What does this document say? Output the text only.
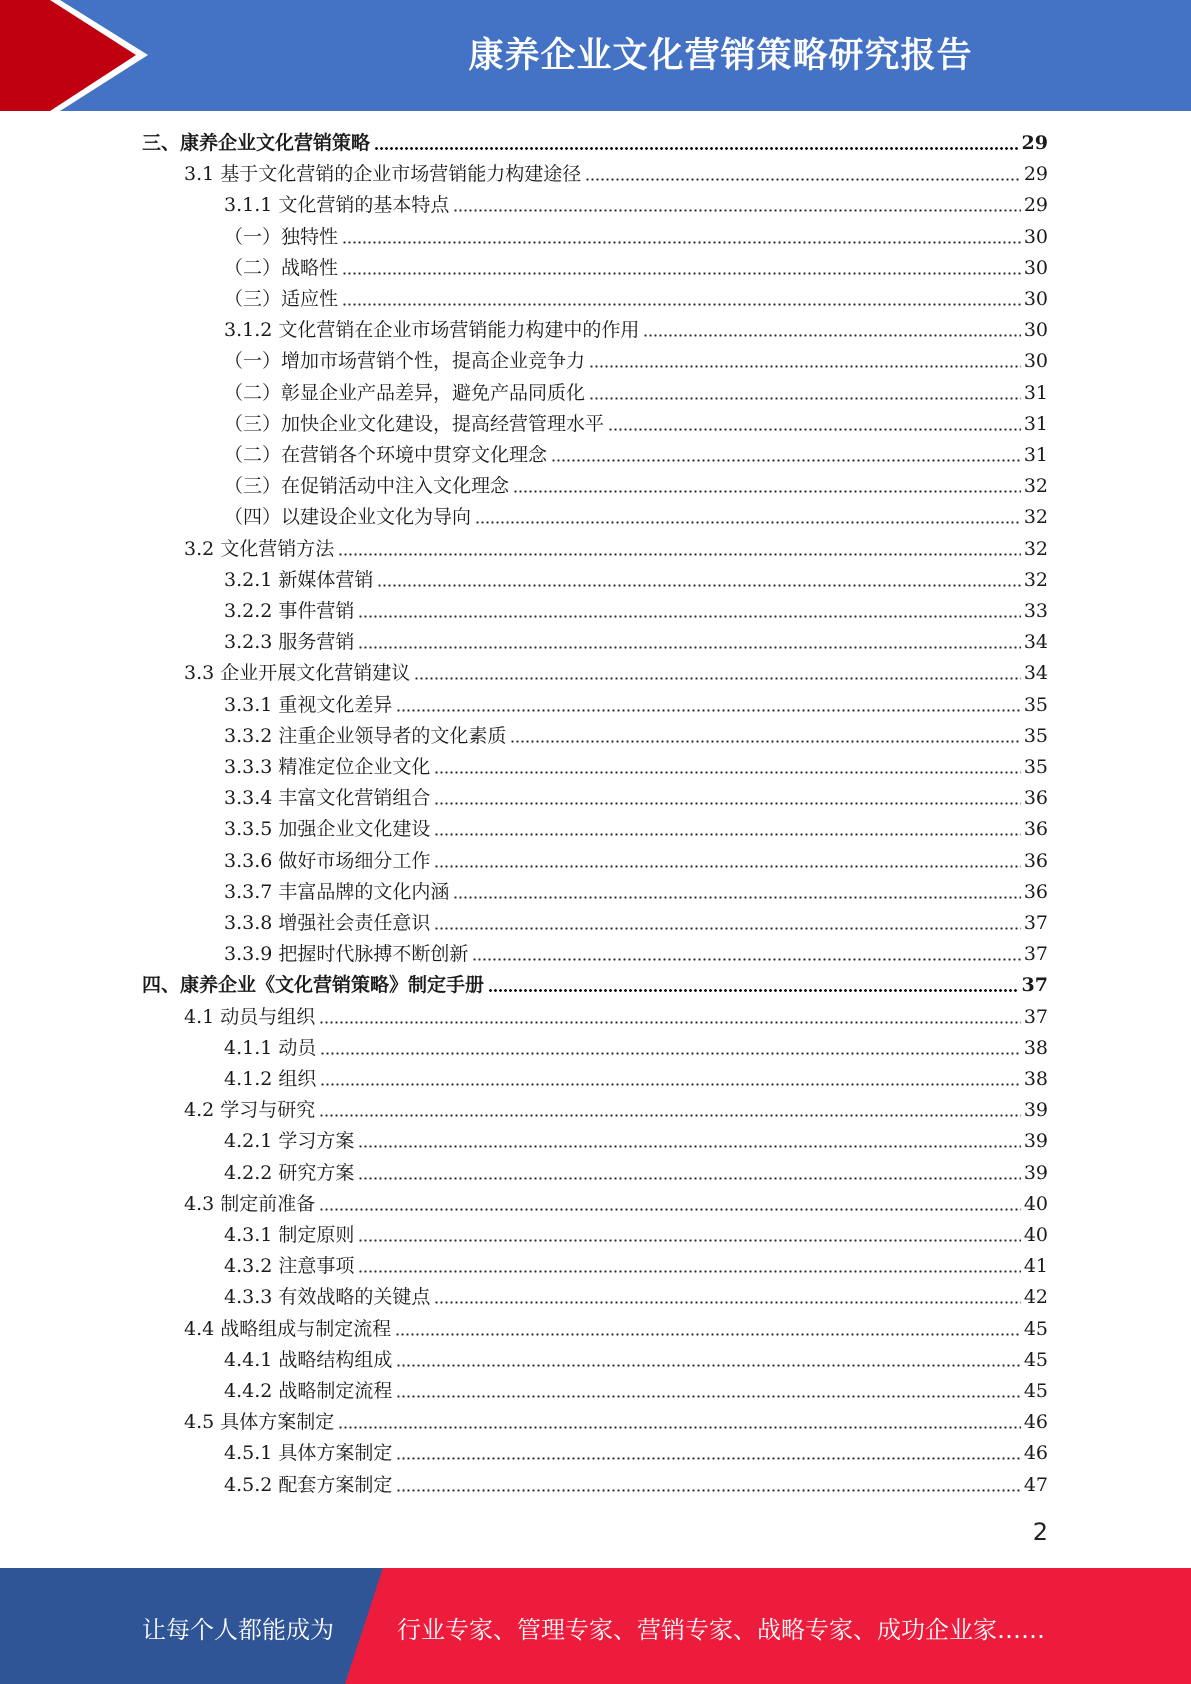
康养企业文化营销策略研究报告
三、康养企业文化营销策略	29
3.1 基于文化营销的企业市场营销能力构建途径	29
3.1.1 文化营销的基本特点	29
（一）独特性	30
（二）战略性	30
（三）适应性	30
3.1.2 文化营销在企业市场营销能力构建中的作用	30
（一）增加市场营销个性，提高企业竞争力	30
（二）彰显企业产品差异，避免产品同质化	31
（三）加快企业文化建设，提高经营管理水平	31
（二）在营销各个环境中贯穿文化理念	31
（三）在促销活动中注入文化理念	32
（四）以建设企业文化为导向	32
3.2 文化营销方法	32
3.2.1 新媒体营销	32
3.2.2 事件营销	33
3.2.3 服务营销	34
3.3 企业开展文化营销建议	34
3.3.1 重视文化差异	35
3.3.2 注重企业领导者的文化素质	35
3.3.3 精准定位企业文化	35
3.3.4 丰富文化营销组合	36
3.3.5 加强企业文化建设	36
3.3.6 做好市场细分工作	36
3.3.7 丰富品牌的文化内涵	36
3.3.8 增强社会责任意识	37
3.3.9 把握时代脉搏不断创新	37
四、康养企业《文化营销策略》制定手册	37
4.1 动员与组织	37
4.1.1 动员	38
4.1.2 组织	38
4.2 学习与研究	39
4.2.1 学习方案	39
4.2.2 研究方案	39
4.3 制定前准备	40
4.3.1 制定原则	40
4.3.2 注意事项	41
4.3.3 有效战略的关键点	42
4.4 战略组成与制定流程	45
4.4.1 战略结构组成	45
4.4.2 战略制定流程	45
4.5 具体方案制定	46
4.5.1 具体方案制定	46
4.5.2 配套方案制定	47
2
让每个人都能成为	行业专家、管理专家、营销专家、战略专家、成功企业家……
